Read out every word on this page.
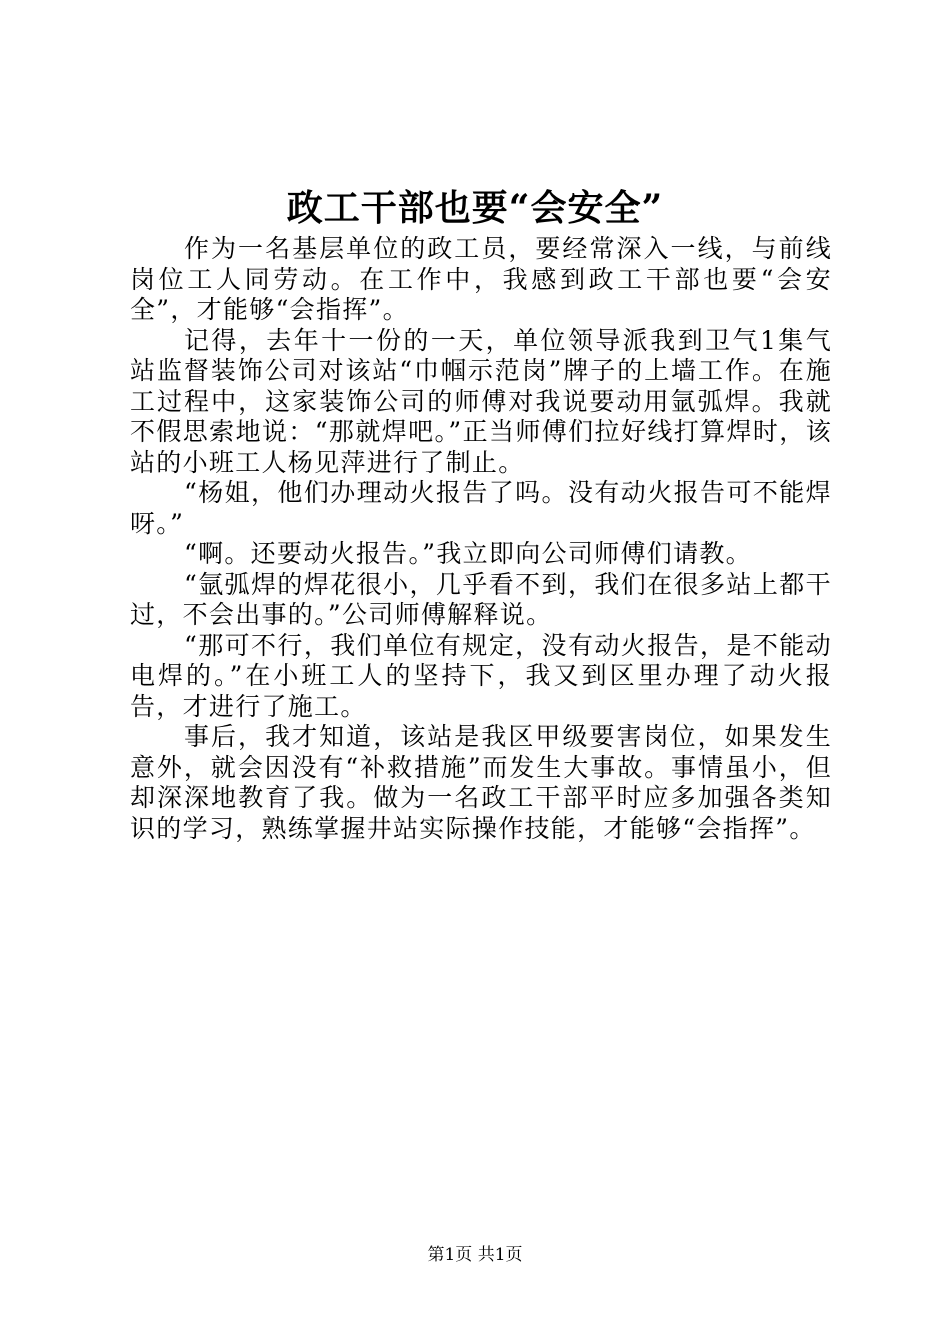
政工干部也要“会安全”

作为一名基层单位的政工员，要经常深入一线，与前线岗位工人同劳动。在工作中，我感到政工干部也要“会安全”，才能够“会指挥”。

记得，去年十一份的一天，单位领导派我到卫气1集气站监督装饰公司对该站“巾帼示范岗”牌子的上墙工作。在施工过程中，这家装饰公司的师傅对我说要动用氩弧焊。我就不假思索地说：“那就焊吧。”正当师傅们拉好线打算焊时，该站的小班工人杨见萍进行了制止。

“杨姐，他们办理动火报告了吗。没有动火报告可不能焊呀。”

“啊。还要动火报告。”我立即向公司师傅们请教。

“氩弧焊的焊花很小，几乎看不到，我们在很多站上都干过，不会出事的。”公司师傅解释说。

“那可不行，我们单位有规定，没有动火报告，是不能动电焊的。”在小班工人的坚持下，我又到区里办理了动火报告，才进行了施工。

事后，我才知道，该站是我区甲级要害岗位，如果发生意外，就会因没有“补救措施”而发生大事故。事情虽小，但却深深地教育了我。做为一名政工干部平时应多加强各类知识的学习，熟练掌握井站实际操作技能，才能够“会指挥”。

第1页 共1页
